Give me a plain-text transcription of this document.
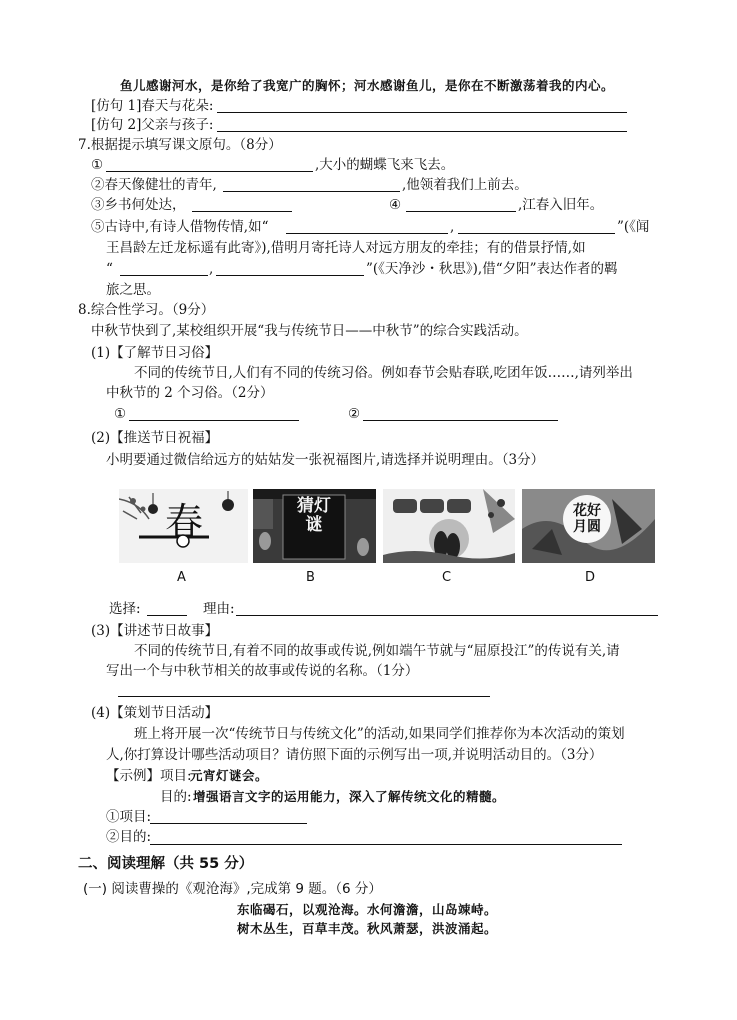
鱼儿感谢河水，是你给了我宽广的胸怀；河水感谢鱼儿，是你在不断激荡着我的内心。
[仿句 1]春天与花朵:
[仿句 2]父亲与孩子:
7.根据提示填写课文原句。（8分）
①	,大小的蝴蝶飞来飞去。
②春天像健壮的青年,	,他领着我们上前去。
③乡书何处达，	④	,江春入旧年。
⑤古诗中,有诗人借物传情,如“	,	”(《闻
王昌龄左迁龙标遥有此寄》),借明月寄托诗人对远方朋友的牵挂；有的借景抒情,如
“	,	”(《天净沙・秋思》),借“夕阳”表达作者的羁
旅之思。
8.综合性学习。（9分）
中秋节快到了,某校组织开展“我与传统节日——中秋节”的综合实践活动。
(1)【了解节日习俗】
不同的传统节日,人们有不同的传统习俗。例如春节会贴春联,吃团年饭……,请列举出
中秋节的 2 个习俗。（2分）
①	②
(2)【推送节日祝福】
小明要通过微信给远方的姑姑发一张祝福图片,请选择并说明理由。（3分）
春	猜灯谜
花好月圆
A	B	C	D
选择:	理由:
(3)【讲述节日故事】
不同的传统节日,有着不同的故事或传说,例如端午节就与“屈原投江”的传说有关,请
写出一个与中秋节相关的故事或传说的名称。（1分）
(4)【策划节日活动】
班上将开展一次“传统节日与传统文化”的活动,如果同学们推荐你为本次活动的策划
人,你打算设计哪些活动项目？请仿照下面的示例写出一项,并说明活动目的。（3分）
【示例】项目:
元宵灯谜会。
目的: 增强语言文字的运用能力，深入了解传统文化的精髓。
①项目:
②目的:
二、阅读理解（共 55 分）
(一) 阅读曹操的《观沧海》,完成第 9 题。（6 分）
东临碣石，以观沧海。水何澹澹，山岛竦峙。
树木丛生，百草丰茂。秋风萧瑟，洪波涌起。
